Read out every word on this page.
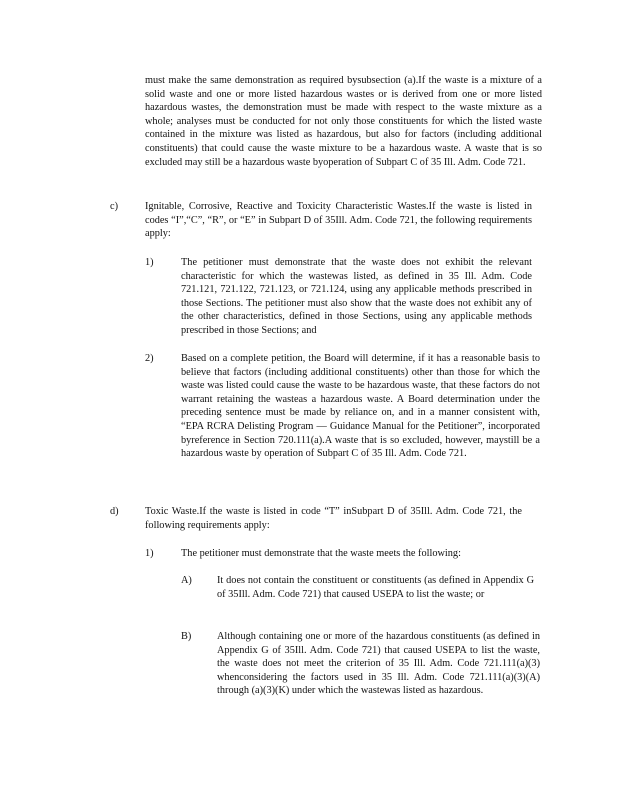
must make the same demonstration as required bysubsection (a).If the waste is a mixture of a solid waste and one or more listed hazardous wastes or is derived from one or more listed hazardous wastes, the demonstration must be made with respect to the waste mixture as a whole; analyses must be conducted for not only those constituents for which the listed waste contained in the mixture was listed as hazardous, but also for factors (including additional constituents) that could cause the waste mixture to be a hazardous waste. A waste that is so excluded may still be a hazardous waste byoperation of Subpart C of 35 Ill. Adm. Code 721.

c)	Ignitable, Corrosive, Reactive and Toxicity Characteristic Wastes.If the waste is listed in codes “I”,“C”, “R”, or “E” in Subpart D of 35Ill. Adm. Code 721, the following requirements apply:

1)	The petitioner must demonstrate that the waste does not exhibit the relevant characteristic for which the wastewas listed, as defined in 35 Ill. Adm. Code 721.121, 721.122, 721.123, or 721.124, using any applicable methods prescribed in those Sections. The petitioner must also show that the waste does not exhibit any of the other characteristics, defined in those Sections, using any applicable methods prescribed in those Sections; and

2)	Based on a complete petition, the Board will determine, if it has a reasonable basis to believe that factors (including additional constituents) other than those for which the waste was listed could cause the waste to be hazardous waste, that these factors do not warrant retaining the wasteas a hazardous waste. A Board determination under the preceding sentence must be made by reliance on, and in a manner consistent with, “EPA RCRA Delisting Program — Guidance Manual for the Petitioner”, incorporated byreference in Section 720.111(a).A waste that is so excluded, however, maystill be a hazardous waste by operation of Subpart C of 35 Ill. Adm. Code 721.

d)	Toxic Waste.If the waste is listed in code “T” inSubpart D of 35Ill. Adm. Code 721, the following requirements apply:

1)	The petitioner must demonstrate that the waste meets the following:

A) It does not contain the constituent or constituents (as defined in Appendix G of 35Ill. Adm. Code 721) that caused USEPA to list the waste; or

B) Although containing one or more of the hazardous constituents (as defined in Appendix G of 35Ill. Adm. Code 721) that caused USEPA to list the waste, the waste does not meet the criterion of 35 Ill. Adm. Code 721.111(a)(3) whenconsidering the factors used in 35 Ill. Adm. Code 721.111(a)(3)(A) through (a)(3)(K) under which the wastewas listed as hazardous.
